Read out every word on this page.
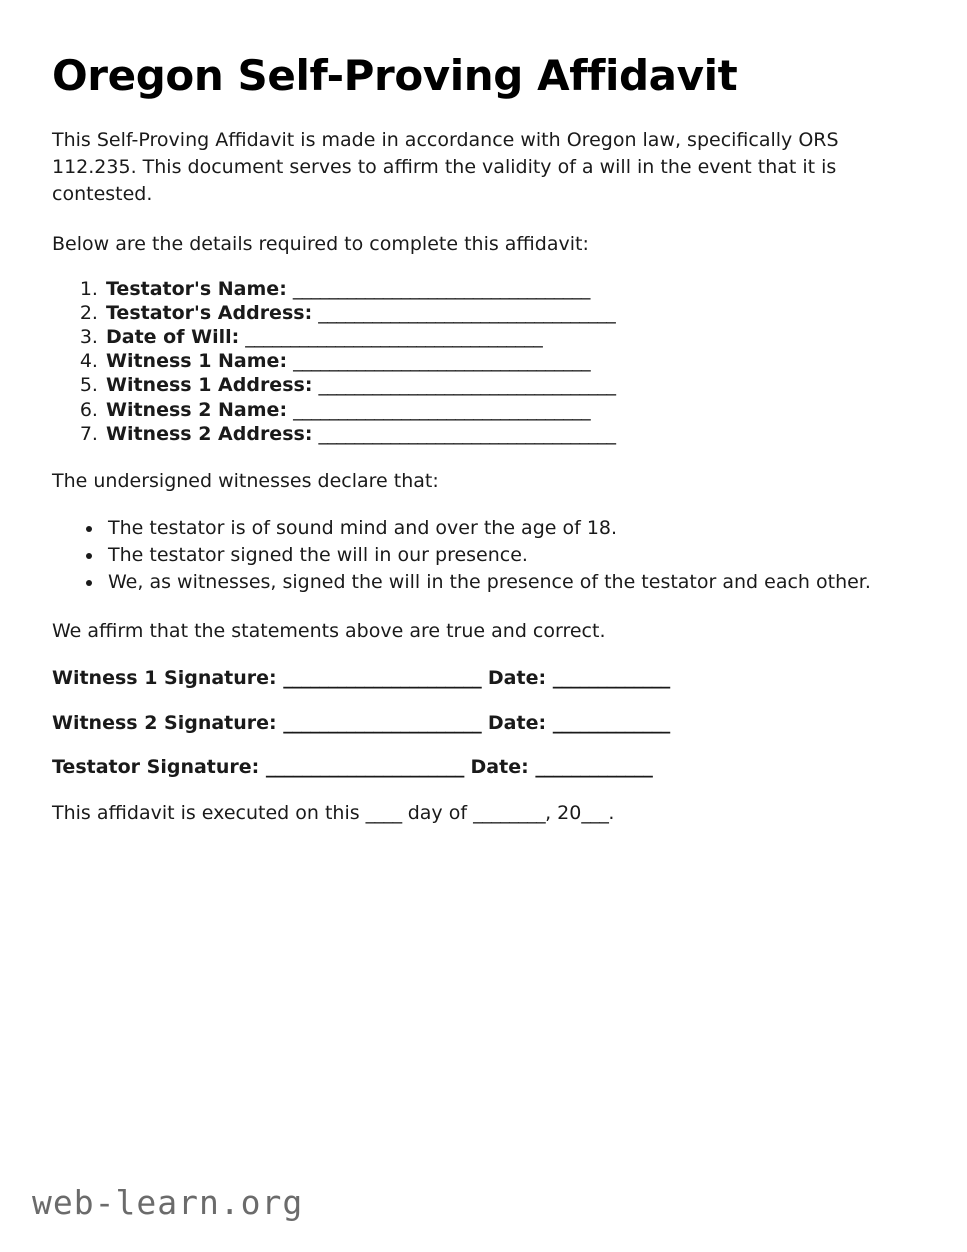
Oregon Self-Proving Affidavit

This Self-Proving Affidavit is made in accordance with Oregon law, specifically ORS 112.235. This document serves to affirm the validity of a will in the event that it is contested.

Below are the details required to complete this affidavit:

1. Testator's Name: _________________________________
2. Testator's Address: _________________________________
3. Date of Will: _________________________________
4. Witness 1 Name: _________________________________
5. Witness 1 Address: _________________________________
6. Witness 2 Name: _________________________________
7. Witness 2 Address: _________________________________

The undersigned witnesses declare that:

• The testator is of sound mind and over the age of 18.
• The testator signed the will in our presence.
• We, as witnesses, signed the will in the presence of the testator and each other.

We affirm that the statements above are true and correct.

Witness 1 Signature: ______________________ Date: _____________

Witness 2 Signature: ______________________ Date: _____________

Testator Signature: ______________________ Date: _____________

This affidavit is executed on this ____ day of ________, 20___.

web-learn.org
